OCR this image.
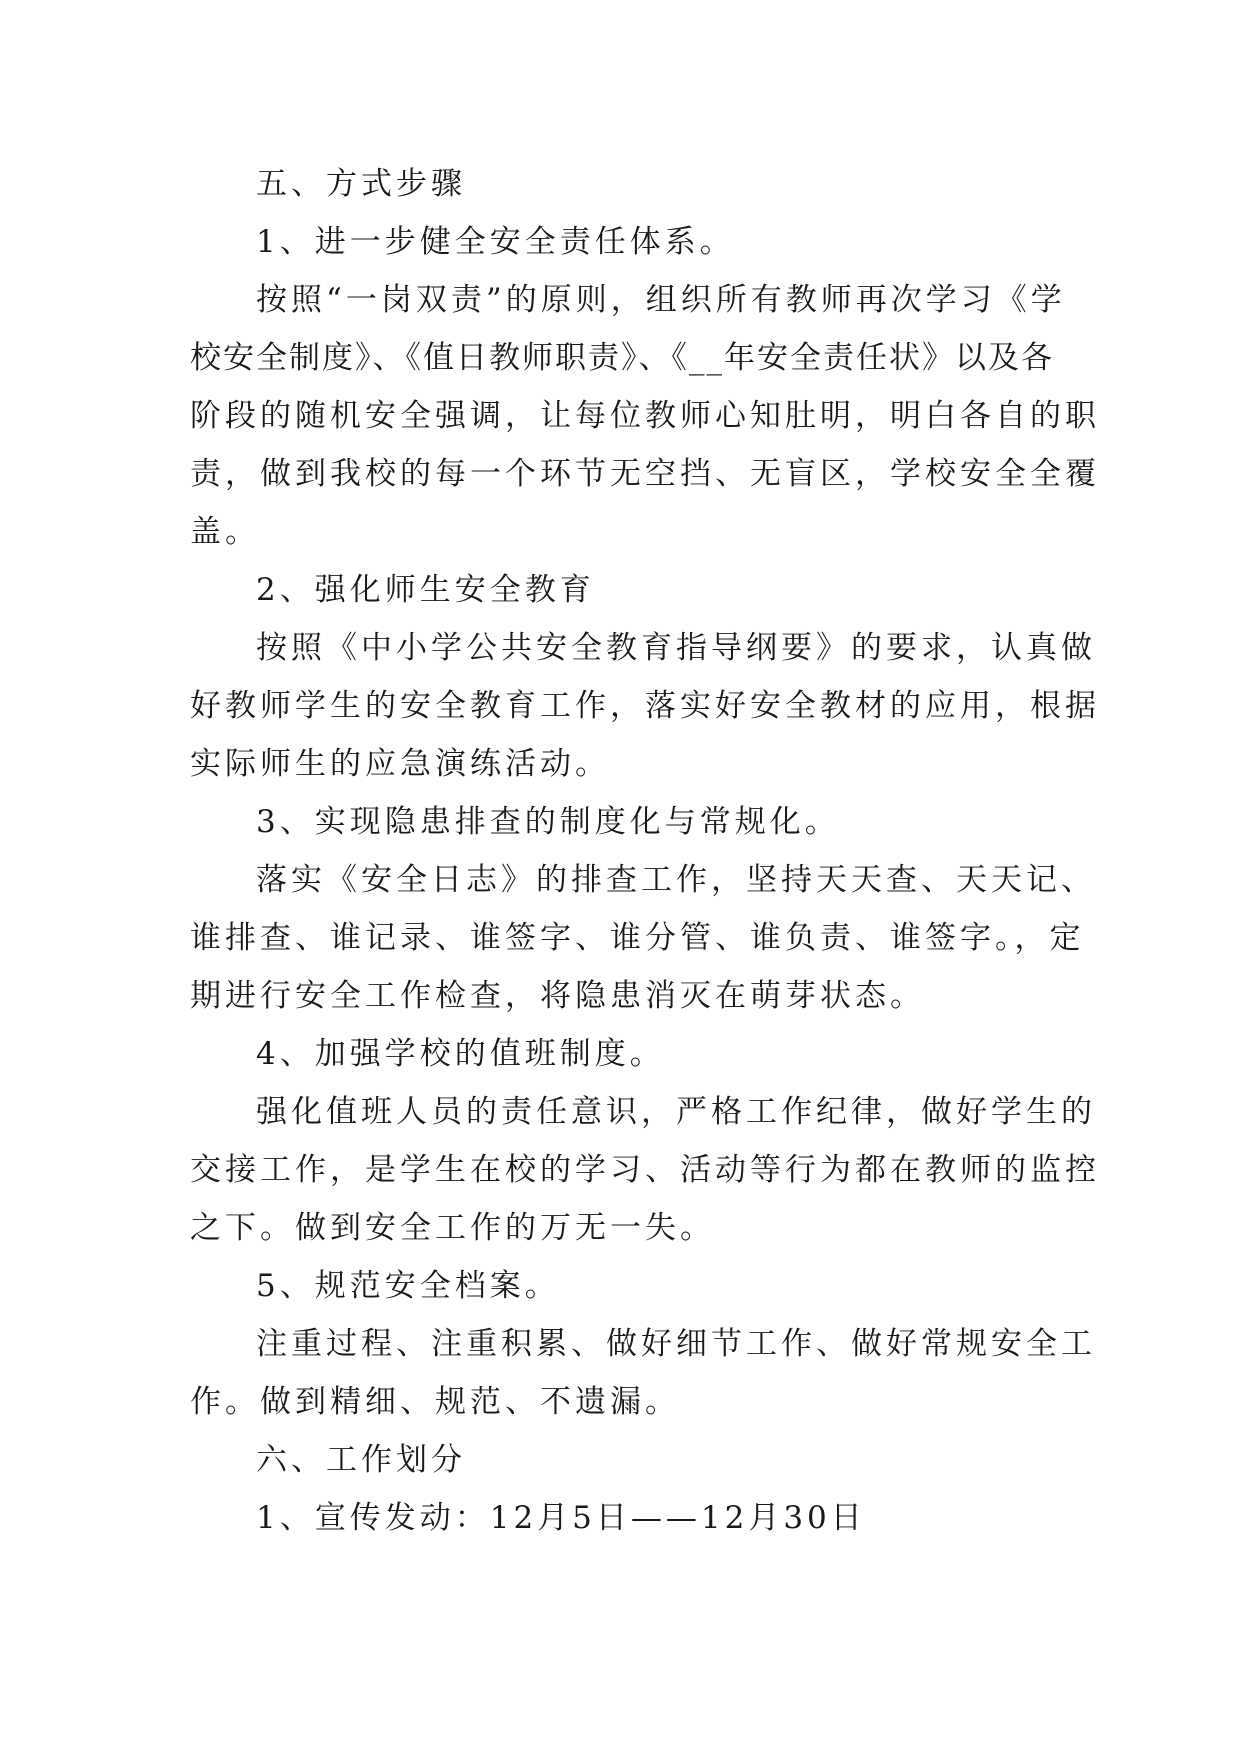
五、方式步骤
1、进一步健全安全责任体系。
按照“一岗双责”的原则，组织所有教师再次学习《学
校安全制度》、《值日教师职责》、《__年安全责任状》以及各
阶段的随机安全强调，让每位教师心知肚明，明白各自的职
责，做到我校的每一个环节无空挡、无盲区，学校安全全覆
盖。
2、强化师生安全教育
按照《中小学公共安全教育指导纲要》的要求，认真做
好教师学生的安全教育工作，落实好安全教材的应用，根据
实际师生的应急演练活动。
3、实现隐患排查的制度化与常规化。
落实《安全日志》的排查工作，坚持天天查、天天记、
谁排查、谁记录、谁签字、谁分管、谁负责、谁签字。，定
期进行安全工作检查，将隐患消灭在萌芽状态。
4、加强学校的值班制度。
强化值班人员的责任意识，严格工作纪律，做好学生的
交接工作，是学生在校的学习、活动等行为都在教师的监控
之下。做到安全工作的万无一失。
5、规范安全档案。
注重过程、注重积累、做好细节工作、做好常规安全工
作。做到精细、规范、不遗漏。
六、工作划分
1、宣传发动：12月5日——12月30日
